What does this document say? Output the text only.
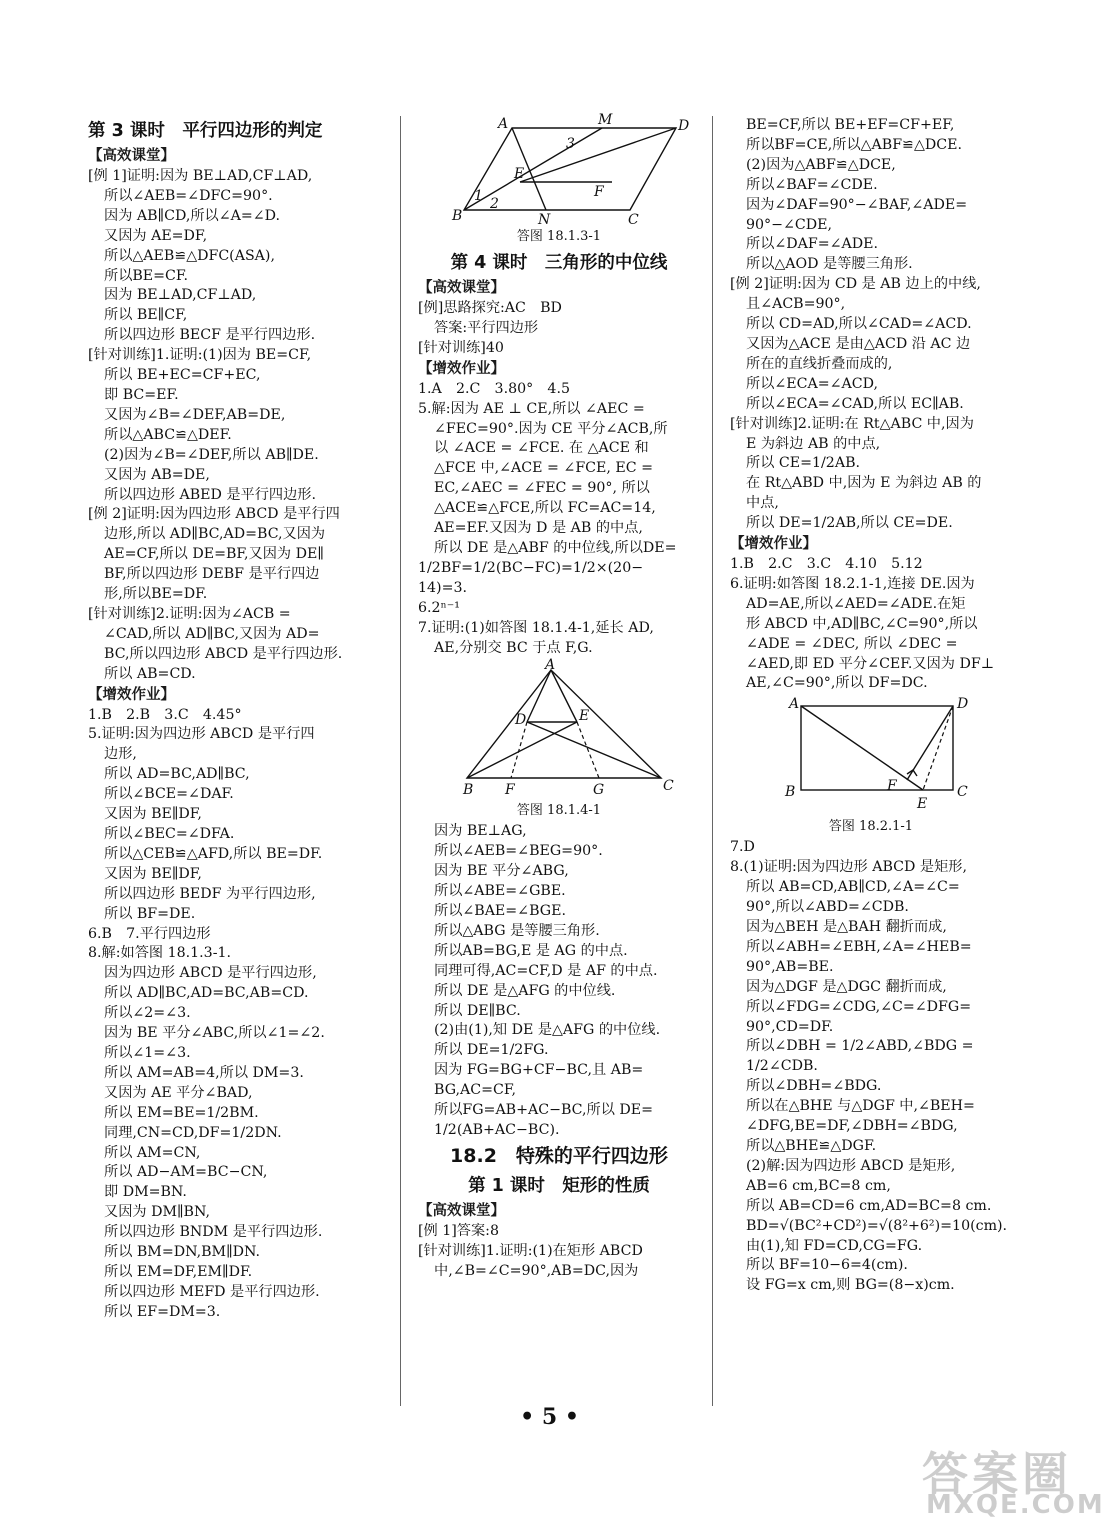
第 3 课时　平行四边形的判定
【高效课堂】
[例 1]证明:因为 BE⊥AD,CF⊥AD,
所以∠AEB=∠DFC=90°.
因为 AB∥CD,所以∠A=∠D.
又因为 AE=DF,
所以△AEB≌△DFC(ASA),
所以BE=CF.
因为 BE⊥AD,CF⊥AD,
所以 BE∥CF,
所以四边形 BECF 是平行四边形.
[针对训练]1.证明:(1)因为 BE=CF,
所以 BE+EC=CF+EC,
即 BC=EF.
又因为∠B=∠DEF,AB=DE,
所以△ABC≌△DEF.
(2)因为∠B=∠DEF,所以 AB∥DE.
又因为 AB=DE,
所以四边形 ABED 是平行四边形.
[例 2]证明:因为四边形 ABCD 是平行四
边形,所以 AD∥BC,AD=BC,又因为
AE=CF,所以 DE=BF,又因为 DE∥
BF,所以四边形 DEBF 是平行四边
形,所以BE=DF.
[针对训练]2.证明:因为∠ACB =
∠CAD,所以 AD∥BC,又因为 AD=
BC,所以四边形 ABCD 是平行四边形.
所以 AB=CD.
【增效作业】
1.B　2.B　3.C　4.45°
5.证明:因为四边形 ABCD 是平行四
边形,
所以 AD=BC,AD∥BC,
所以∠BCE=∠DAF.
又因为 BE∥DF,
所以∠BEC=∠DFA.
所以△CEB≌△AFD,所以 BE=DF.
又因为 BE∥DF,
所以四边形 BEDF 为平行四边形,
所以 BF=DE.
6.B　7.平行四边形
8.解:如答图 18.1.3-1.
因为四边形 ABCD 是平行四边形,
所以 AD∥BC,AD=BC,AB=CD.
所以∠2=∠3.
因为 BE 平分∠ABC,所以∠1=∠2.
所以∠1=∠3.
所以 AM=AB=4,所以 DM=3.
又因为 AE 平分∠BAD,
所以 EM=BE=1/2BM.
同理,CN=CD,DF=1/2DN.
所以 AM=CN,
所以 AD−AM=BC−CN,
即 DM=BN.
又因为 DM∥BN,
所以四边形 BNDM 是平行四边形.
所以 BM=DN,BM∥DN.
所以 EM=DF,EM∥DF.
所以四边形 MEFD 是平行四边形.
所以 EF=DM=3.
A	M	D
3
E
F
1 2
B	N	C
答图 18.1.3-1
第 4 课时　三角形的中位线
【高效课堂】
[例]思路探究:AC　BD
答案:平行四边形
[针对训练]40
【增效作业】
1.A　2.C　3.80°　4.5
5.解:因为 AE ⊥ CE,所以 ∠AEC =
∠FEC=90°.因为 CE 平分∠ACB,所
以 ∠ACE = ∠FCE. 在 △ACE 和
△FCE 中,∠ACE = ∠FCE, EC =
EC,∠AEC = ∠FEC = 90°, 所以
△ACE≌△FCE,所以 FC=AC=14,
AE=EF.又因为 D 是 AB 的中点,
所以 DE 是△ABF 的中位线,所以DE=
1/2BF=1/2(BC−FC)=1/2×(20−
14)=3.
6.2ⁿ⁻¹
7.证明:(1)如答图 18.1.4-1,延长 AD,
AE,分别交 BC 于点 F,G.
A
D	E
B F	G	C
答图 18.1.4-1
因为 BE⊥AG,
所以∠AEB=∠BEG=90°.
因为 BE 平分∠ABG,
所以∠ABE=∠GBE.
所以∠BAE=∠BGE.
所以△ABG 是等腰三角形.
所以AB=BG,E 是 AG 的中点.
同理可得,AC=CF,D 是 AF 的中点.
所以 DE 是△AFG 的中位线.
所以 DE∥BC.
(2)由(1),知 DE 是△AFG 的中位线.
所以 DE=1/2FG.
因为 FG=BG+CF−BC,且 AB=
BG,AC=CF,
所以FG=AB+AC−BC,所以 DE=
1/2(AB+AC−BC).
18.2　特殊的平行四边形
第 1 课时　矩形的性质
【高效课堂】
[例 1]答案:8
[针对训练]1.证明:(1)在矩形 ABCD
中,∠B=∠C=90°,AB=DC,因为
BE=CF,所以 BE+EF=CF+EF,
所以BF=CE,所以△ABF≌△DCE.
(2)因为△ABF≌△DCE,
所以∠BAF=∠CDE.
因为∠DAF=90°−∠BAF,∠ADE=
90°−∠CDE,
所以∠DAF=∠ADE.
所以△AOD 是等腰三角形.
[例 2]证明:因为 CD 是 AB 边上的中线,
且∠ACB=90°,
所以 CD=AD,所以∠CAD=∠ACD.
又因为△ACE 是由△ACD 沿 AC 边
所在的直线折叠而成的,
所以∠ECA=∠ACD,
所以∠ECA=∠CAD,所以 EC∥AB.
[针对训练]2.证明:在 Rt△ABC 中,因为
E 为斜边 AB 的中点,
所以 CE=1/2AB.
在 Rt△ABD 中,因为 E 为斜边 AB 的
中点,
所以 DE=1/2AB,所以 CE=DE.
【增效作业】
1.B　2.C　3.C　4.10　5.12
6.证明:如答图 18.2.1-1,连接 DE.因为
AD=AE,所以∠AED=∠ADE.在矩
形 ABCD 中,AD∥BC,∠C=90°,所以
∠ADE = ∠DEC, 所以 ∠DEC =
∠AED,即 ED 平分∠CEF.又因为 DF⊥
AE,∠C=90°,所以 DF=DC.
A	D
B	F
E
C
答图 18.2.1-1
7.D
8.(1)证明:因为四边形 ABCD 是矩形,
所以 AB=CD,AB∥CD,∠A=∠C=
90°,所以∠ABD=∠CDB.
因为△BEH 是△BAH 翻折而成,
所以∠ABH=∠EBH,∠A=∠HEB=
90°,AB=BE.
因为△DGF 是△DGC 翻折而成,
所以∠FDG=∠CDG,∠C=∠DFG=
90°,CD=DF.
所以∠DBH = 1/2∠ABD,∠BDG =
1/2∠CDB.
所以∠DBH=∠BDG.
所以在△BHE 与△DGF 中,∠BEH=
∠DFG,BE=DF,∠DBH=∠BDG,
所以△BHE≌△DGF.
(2)解:因为四边形 ABCD 是矩形,
AB=6 cm,BC=8 cm,
所以 AB=CD=6 cm,AD=BC=8 cm.
BD=√(BC²+CD²)=√(8²+6²)=10(cm).
由(1),知 FD=CD,CG=FG.
所以 BF=10−6=4(cm).
设 FG=x cm,则 BG=(8−x)cm.
• 5 •
答案圈
MXQE.COM
